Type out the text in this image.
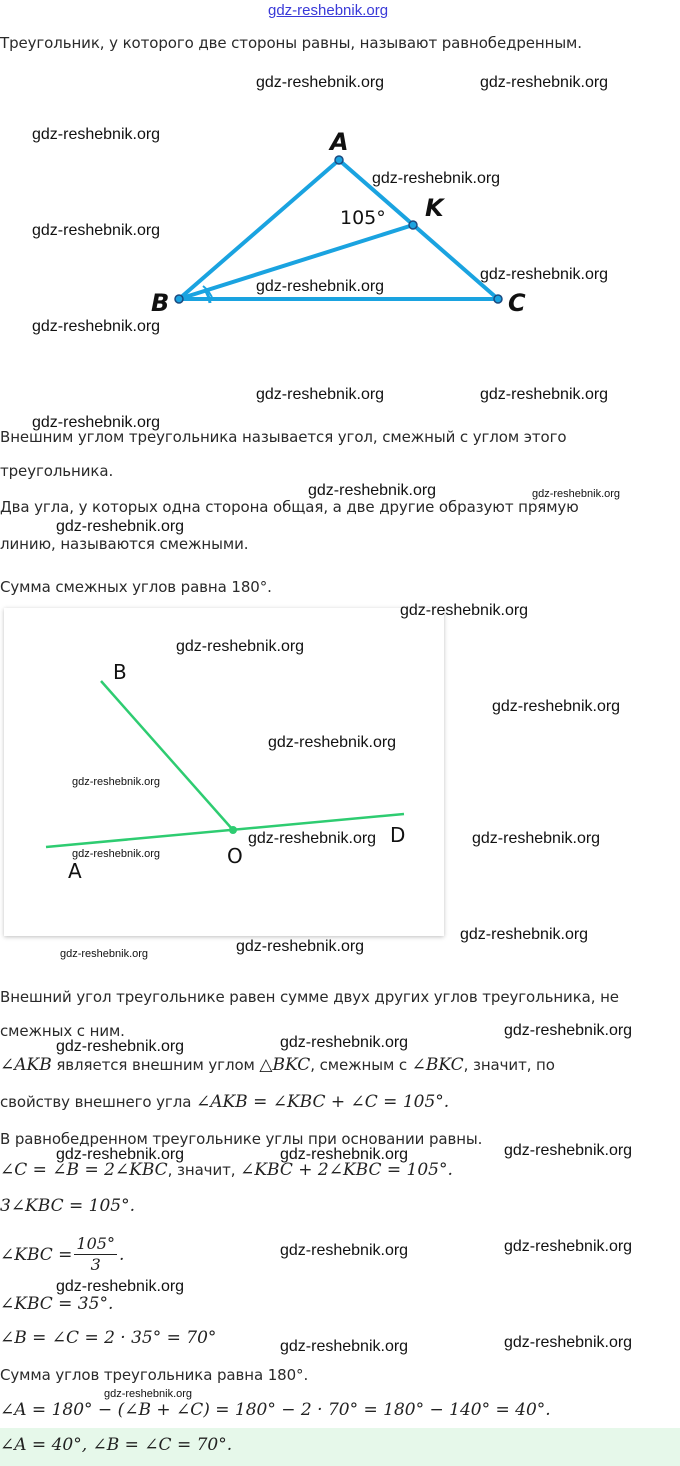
gdz-reshebnik.org
Треугольник, у которого две стороны равны, называют равнобедренным.
A
B	C
K
105°
Внешним углом треугольника называется угол, смежный с углом этого
треугольника.
Два угла, у которых одна сторона общая, а две другие образуют прямую
линию, называются смежными.
Сумма смежных углов равна 180°.
B
A
O
D
Внешний угол треугольнике равен сумме двух других углов треугольника, не
смежных с ним.
∠AKB является внешним углом △BKC, смежным с ∠BKC, значит, по
свойству внешнего угла ∠AKB = ∠KBC + ∠C = 105°.
В равнобедренном треугольнике углы при основании равны.
∠C = ∠B = 2∠KBC, значит, ∠KBC + 2∠KBC = 105°.
3∠KBC = 105°.
∠KBC = $\frac{105^\circ}{3}$ .
∠KBC = 35°.
∠B = ∠C = 2 · 35° = 70°
Сумма углов треугольника равна 180°.
∠A = 180° − (∠B + ∠C) = 180° − 2 · 70° = 180° − 140° = 40°.
∠A = 40°, ∠B = ∠C = 70°.
gdz-reshebnik.org	gdz-reshebnik.org
gdz-reshebnik.org
gdz-reshebnik.org
gdz-reshebnik.org
gdz-reshebnik.org
gdz-reshebnik.org
gdz-reshebnik.org
gdz-reshebnik.org	gdz-reshebnik.org
gdz-reshebnik.org
gdz-reshebnik.org	gdz-reshebnik.org
gdz-reshebnik.org
gdz-reshebnik.org
gdz-reshebnik.org
gdz-reshebnik.org
gdz-reshebnik.org
gdz-reshebnik.org
gdz-reshebnik.org	gdz-reshebnik.org
gdz-reshebnik.org
gdz-reshebnik.org
gdz-reshebnik.org
gdz-reshebnik.org
gdz-reshebnik.org
gdz-reshebnik.org
gdz-reshebnik.org
gdz-reshebnik.org
gdz-reshebnik.org
gdz-reshebnik.org
gdz-reshebnik.org
gdz-reshebnik.org
gdz-reshebnik.org
gdz-reshebnik.org
gdz-reshebnik.org
gdz-reshebnik.org
